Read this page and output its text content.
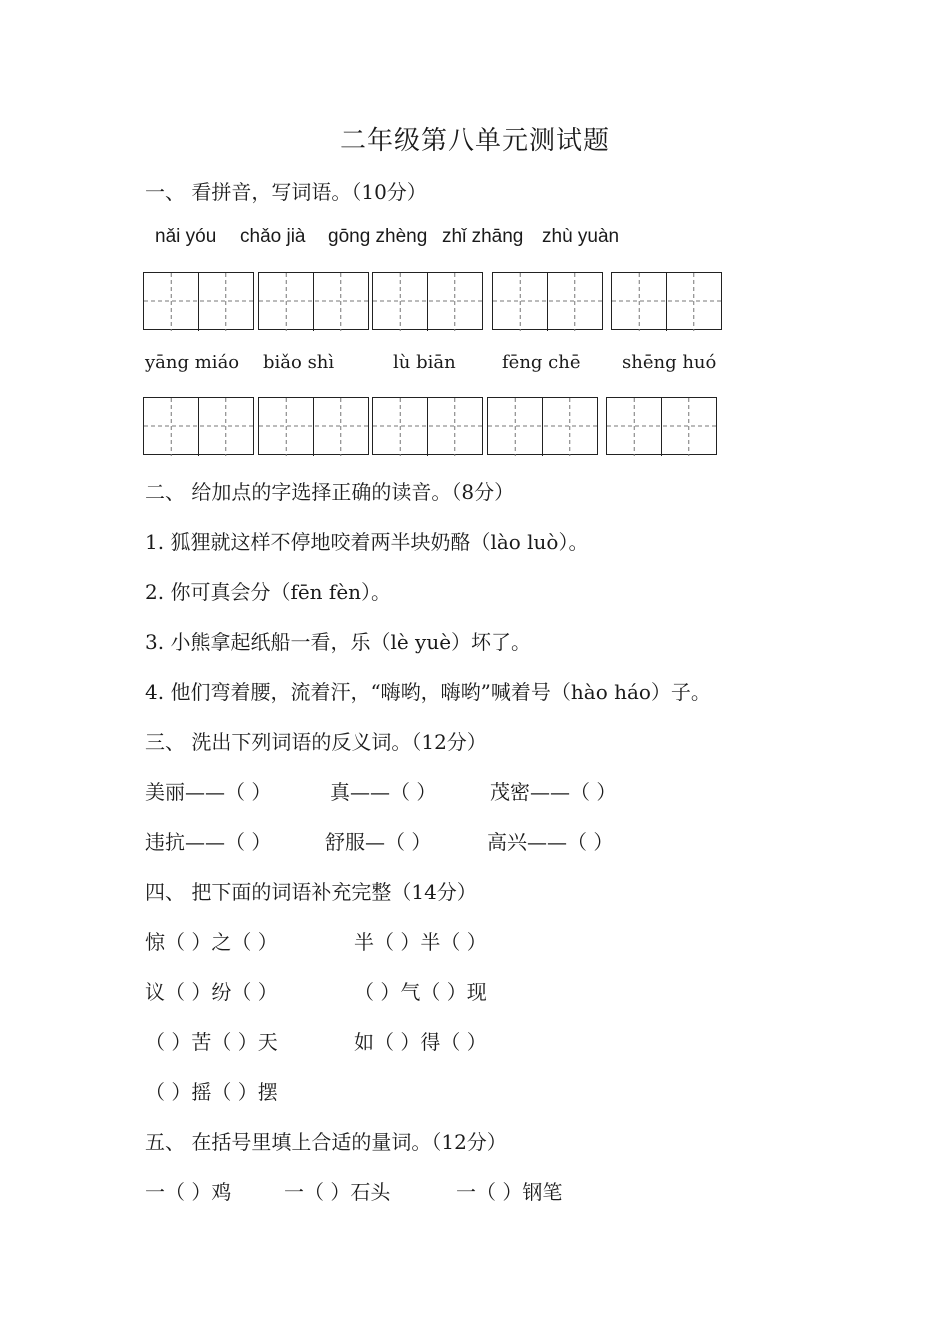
二年级第八单元测试题
一、 看拼音，写词语。（10分）
nǎi yóu chǎo jià gōng zhèng zhǐ zhāng zhù yuàn
yāng miáo biǎo shì	lù biān	fēng chē shēng huó
二、 给加点的字选择正确的读音。（8分）
1. 狐狸就这样不停地咬着两半块奶酪（lào luò）。
2. 你可真会分（fēn fèn）。
3. 小熊拿起纸船一看，乐（lè yuè）坏了。
4. 他们弯着腰，流着汗，“嗨哟，嗨哟”喊着号（hào háo）子。
三、 洗出下列词语的反义词。（12分）
美丽——（ ）	真——（ ）	茂密——（ ）
违抗——（ ）	舒服—（ ）	高兴——（ ）
四、 把下面的词语补充完整（14分）
惊（ ）之（ ）	半（ ）半（ ）
议（ ）纷（ ）	（ ）气（ ）现
（ ）苦（ ）天	如（ ）得（ ）
（ ）摇（ ）摆
五、 在括号里填上合适的量词。（12分）
一（ ）鸡	一（ ）石头	一（ ）钢笔
